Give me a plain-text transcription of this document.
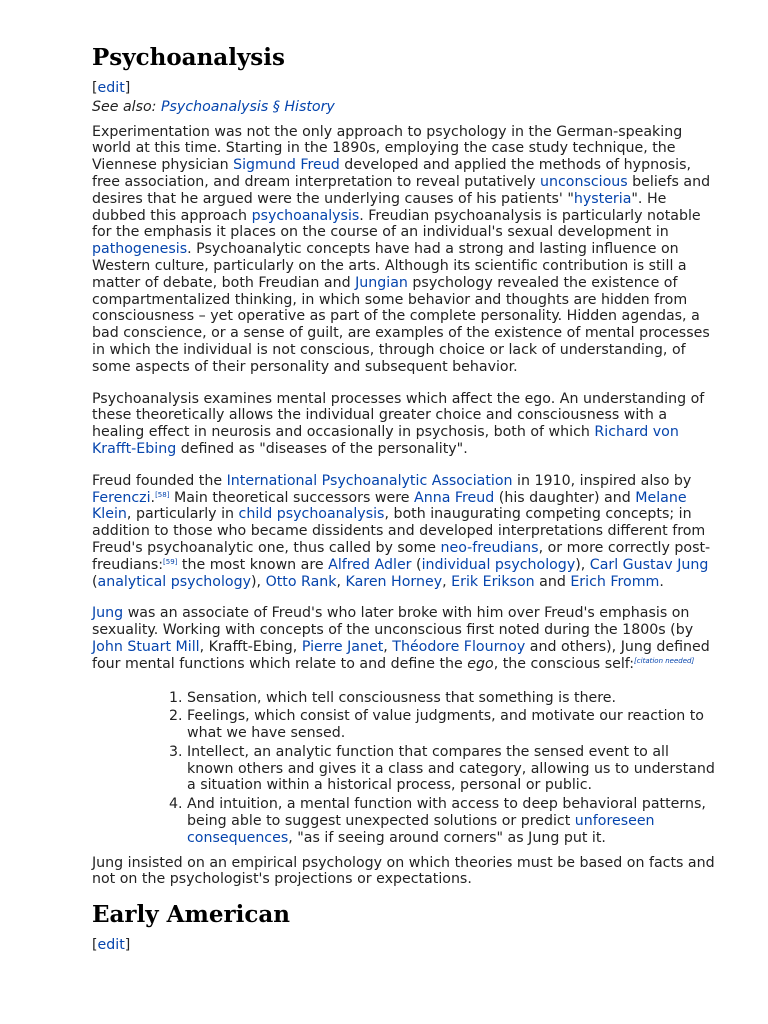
Psychoanalysis
[edit]
See also: Psychoanalysis § History

Experimentation was not the only approach to psychology in the German-speaking world at this time. Starting in the 1890s, employing the case study technique, the Viennese physician Sigmund Freud developed and applied the methods of hypnosis, free association, and dream interpretation to reveal putatively unconscious beliefs and desires that he argued were the underlying causes of his patients' "hysteria". He dubbed this approach psychoanalysis. Freudian psychoanalysis is particularly notable for the emphasis it places on the course of an individual's sexual development in pathogenesis. Psychoanalytic concepts have had a strong and lasting influence on Western culture, particularly on the arts. Although its scientific contribution is still a matter of debate, both Freudian and Jungian psychology revealed the existence of compartmentalized thinking, in which some behavior and thoughts are hidden from consciousness – yet operative as part of the complete personality. Hidden agendas, a bad conscience, or a sense of guilt, are examples of the existence of mental processes in which the individual is not conscious, through choice or lack of understanding, of some aspects of their personality and subsequent behavior.

Psychoanalysis examines mental processes which affect the ego. An understanding of these theoretically allows the individual greater choice and consciousness with a healing effect in neurosis and occasionally in psychosis, both of which Richard von Krafft-Ebing defined as "diseases of the personality".

Freud founded the International Psychoanalytic Association in 1910, inspired also by Ferenczi.[58] Main theoretical successors were Anna Freud (his daughter) and Melane Klein, particularly in child psychoanalysis, both inaugurating competing concepts; in addition to those who became dissidents and developed interpretations different from Freud's psychoanalytic one, thus called by some neo-freudians, or more correctly post-freudians:[59] the most known are Alfred Adler (individual psychology), Carl Gustav Jung (analytical psychology), Otto Rank, Karen Horney, Erik Erikson and Erich Fromm.

Jung was an associate of Freud's who later broke with him over Freud's emphasis on sexuality. Working with concepts of the unconscious first noted during the 1800s (by John Stuart Mill, Krafft-Ebing, Pierre Janet, Théodore Flournoy and others), Jung defined four mental functions which relate to and define the ego, the conscious self:[citation needed]

1. Sensation, which tell consciousness that something is there.
2. Feelings, which consist of value judgments, and motivate our reaction to what we have sensed.
3. Intellect, an analytic function that compares the sensed event to all known others and gives it a class and category, allowing us to understand a situation within a historical process, personal or public.
4. And intuition, a mental function with access to deep behavioral patterns, being able to suggest unexpected solutions or predict unforeseen consequences, "as if seeing around corners" as Jung put it.

Jung insisted on an empirical psychology on which theories must be based on facts and not on the psychologist's projections or expectations.

Early American
[edit]
